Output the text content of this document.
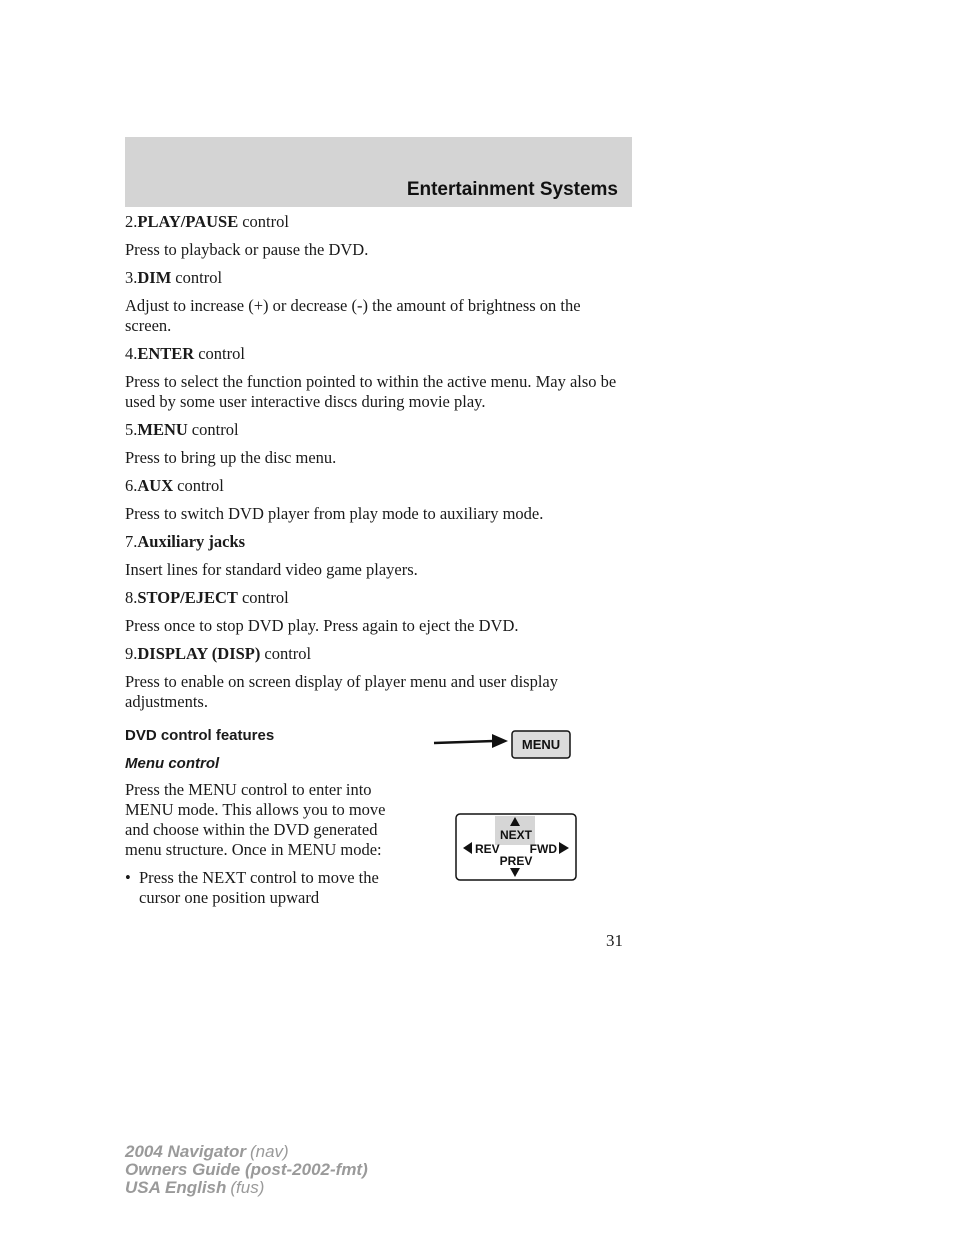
Entertainment Systems

2.PLAY/PAUSE control

Press to playback or pause the DVD.

3.DIM control

Adjust to increase (+) or decrease (-) the amount of brightness on the screen.

4.ENTER control

Press to select the function pointed to within the active menu. May also be used by some user interactive discs during movie play.

5.MENU control

Press to bring up the disc menu.

6.AUX control

Press to switch DVD player from play mode to auxiliary mode.

7.Auxiliary jacks

Insert lines for standard video game players.

8.STOP/EJECT control

Press once to stop DVD play. Press again to eject the DVD.

9.DISPLAY (DISP) control

Press to enable on screen display of player menu and user display adjustments.

DVD control features
Menu control

Press the MENU control to enter into MENU mode. This allows you to move and choose within the DVD generated menu structure. Once in MENU mode:

• Press the NEXT control to move the cursor one position upward
MENU
NEXT
REV FWD
PREV
31
2004 Navigator (nav)
Owners Guide (post-2002-fmt)
USA English (fus)
